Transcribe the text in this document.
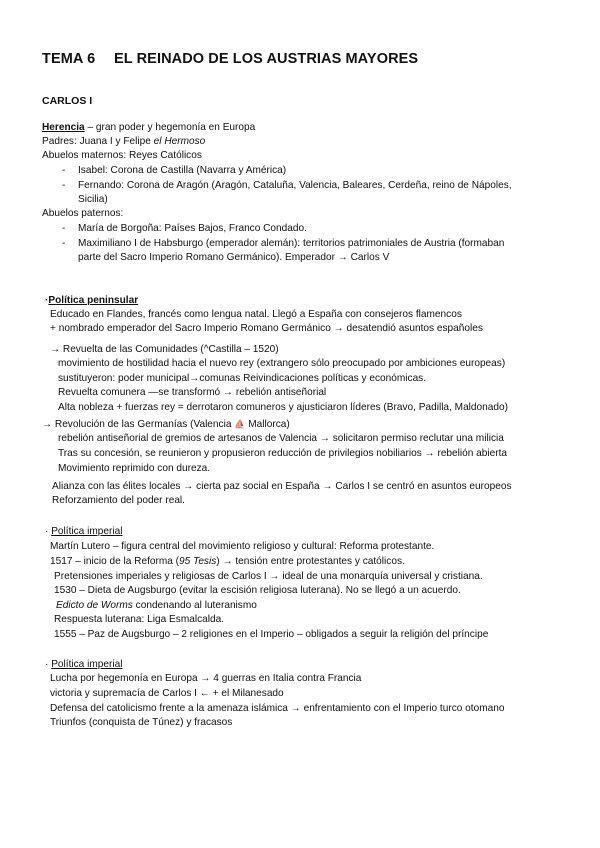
TEMA 6 EL REINADO DE LOS AUSTRIAS MAYORES
CARLOS I
Herencia – gran poder y hegemonía en Europa
Padres: Juana I y Felipe el Hermoso
Abuelos maternos: Reyes Católicos
- Isabel: Corona de Castilla (Navarra y América)
- Fernando: Corona de Aragón (Aragón, Cataluña, Valencia, Baleares, Cerdeña, reino de Nápoles,
Sicilia)
Abuelos paternos:
- María de Borgoña: Países Bajos, Franco Condado.
- Maximiliano I de Habsburgo (emperador alemán): territorios patrimoniales de Austria (formaban
parte del Sacro Imperio Romano Germánico). Emperador → Carlos V
·Política peninsular
Educado en Flandes, francés como lengua natal. Llegó a España con consejeros flamencos
+ nombrado emperador del Sacro Imperio Romano Germánico → desatendió asuntos españoles
→ Revuelta de las Comunidades (^Castilla – 1520)
movimiento de hostilidad hacia el nuevo rey (extrangero sólo preocupado por ambiciones europeas)
sustituyeron: poder municipal→comunas Reivindicaciones políticas y económicas.
Revuelta comunera —se transformó → rebelión antiseñorial
Alta nobleza + fuerzas rey = derrotaron comuneros y ajusticiaron líderes (Bravo, Padilla, Maldonado)
→ Revolución de las Germanías (Valencia ⛵ Mallorca)
rebelión antiseñorial de gremios de artesanos de Valencia → solicitaron permiso reclutar una milicia
Tras su concesión, se reunieron y propusieron reducción de privilegios nobiliarios → rebelión abierta
Movimiento reprimido con dureza.
Alianza con las élites locales → cierta paz social en España → Carlos I se centró en asuntos europeos
Reforzamiento del poder real.
· Política imperial
Martín Lutero – figura central del movimiento religioso y cultural: Reforma protestante.
1517 – inicio de la Reforma (95 Tesis) → tensión entre protestantes y católicos.
Pretensiones imperiales y religiosas de Carlos I → ideal de una monarquía universal y cristiana.
1530 – Dieta de Augsburgo (evitar la escisión religiosa luterana). No se llegó a un acuerdo.
Edicto de Worms condenando al luteranismo
Respuesta luterana: Liga Esmalcalda.
1555 – Paz de Augsburgo – 2 religiones en el Imperio – obligados a seguir la religión del príncipe
· Política imperial
Lucha por hegemonía en Europa → 4 guerras en Italia contra Francia
victoria y supremacía de Carlos I ← + el Milanesado
Defensa del catolicismo frente a la amenaza islámica → enfrentamiento con el Imperio turco otomano
Triunfos (conquista de Túnez) y fracasos
